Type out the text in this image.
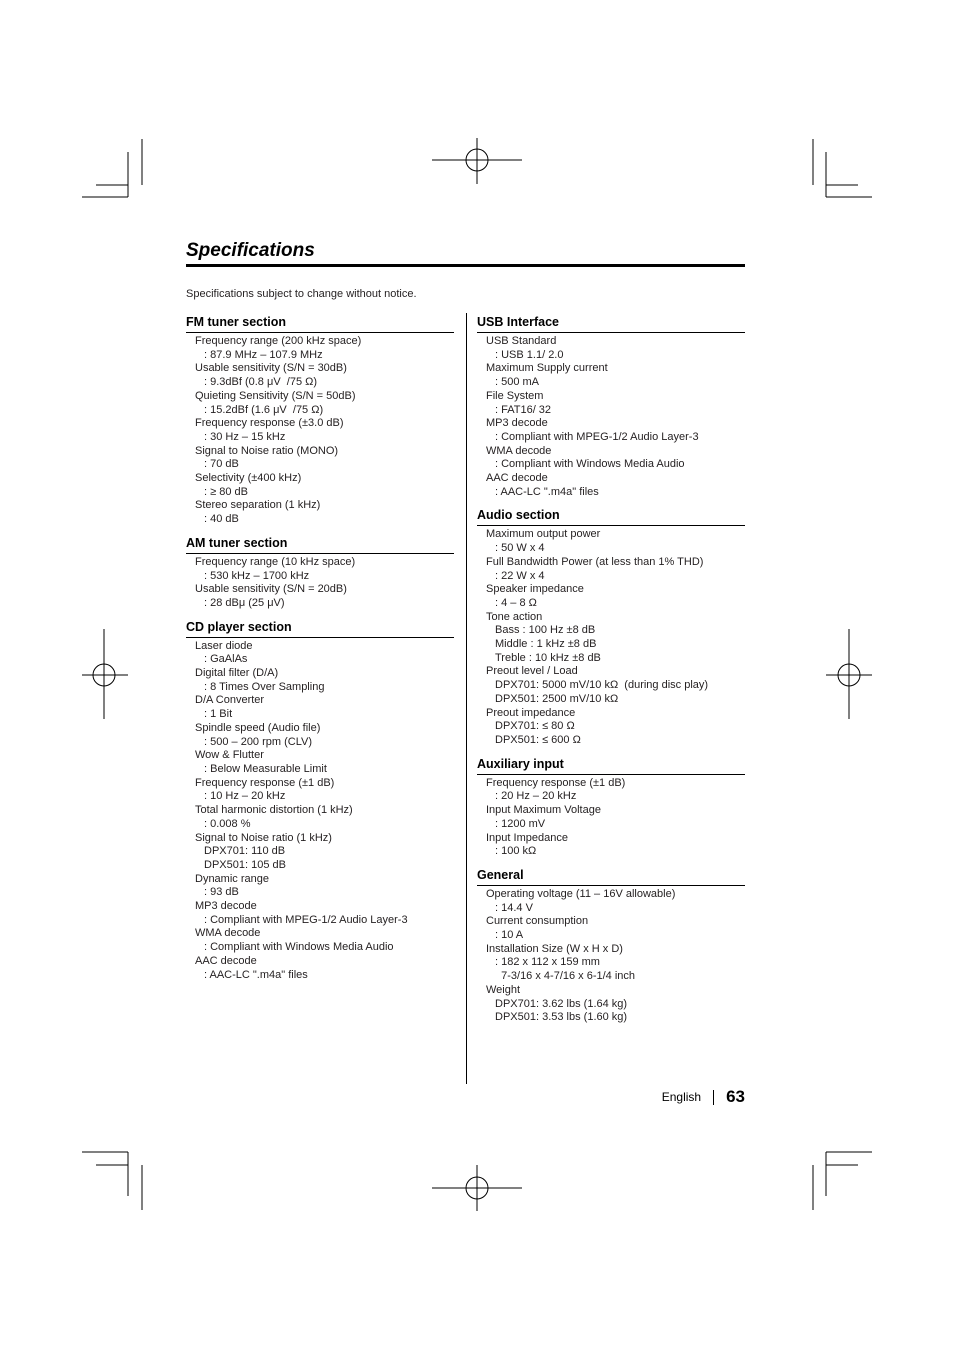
Specifications
Specifications subject to change without notice.
FM tuner section
Frequency range (200 kHz space)
: 87.9 MHz – 107.9 MHz
Usable sensitivity (S/N = 30dB)
: 9.3dBf (0.8 μV  /75 Ω)
Quieting Sensitivity (S/N = 50dB)
: 15.2dBf (1.6 μV  /75 Ω)
Frequency response (±3.0 dB)
: 30 Hz – 15 kHz
Signal to Noise ratio (MONO)
: 70 dB
Selectivity (±400 kHz)
: ≥ 80 dB
Stereo separation (1 kHz)
: 40 dB
AM tuner section
Frequency range (10 kHz space)
: 530 kHz – 1700 kHz
Usable sensitivity (S/N = 20dB)
: 28 dBμ (25 μV)
CD player section
Laser diode
: GaAlAs
Digital filter (D/A)
: 8 Times Over Sampling
D/A Converter
: 1 Bit
Spindle speed (Audio file)
: 500 – 200 rpm (CLV)
Wow & Flutter
: Below Measurable Limit
Frequency response (±1 dB)
: 10 Hz – 20 kHz
Total harmonic distortion (1 kHz)
: 0.008 %
Signal to Noise ratio (1 kHz)
DPX701: 110 dB
DPX501: 105 dB
Dynamic range
: 93 dB
MP3 decode
: Compliant with MPEG-1/2 Audio Layer-3
WMA decode
: Compliant with Windows Media Audio
AAC decode
: AAC-LC ".m4a" files
USB Interface
USB Standard
: USB 1.1/ 2.0
Maximum Supply current
: 500 mA
File System
: FAT16/ 32
MP3 decode
: Compliant with MPEG-1/2 Audio Layer-3
WMA decode
: Compliant with Windows Media Audio
AAC decode
: AAC-LC ".m4a" files
Audio section
Maximum output power
: 50 W x 4
Full Bandwidth Power (at less than 1% THD)
: 22 W x 4
Speaker impedance
: 4 – 8 Ω
Tone action
Bass : 100 Hz ±8 dB
Middle : 1 kHz ±8 dB
Treble : 10 kHz ±8 dB
Preout level / Load
DPX701: 5000 mV/10 kΩ  (during disc play)
DPX501: 2500 mV/10 kΩ
Preout impedance
DPX701: ≤ 80 Ω
DPX501: ≤ 600 Ω
Auxiliary input
Frequency response (±1 dB)
: 20 Hz – 20 kHz
Input Maximum Voltage
: 1200 mV
Input Impedance
: 100 kΩ
General
Operating voltage (11 – 16V allowable)
: 14.4 V
Current consumption
: 10 A
Installation Size (W x H x D)
: 182 x 112 x 159 mm
7-3/16 x 4-7/16 x 6-1/4 inch
Weight
DPX701: 3.62 lbs (1.64 kg)
DPX501: 3.53 lbs (1.60 kg)
English 63
